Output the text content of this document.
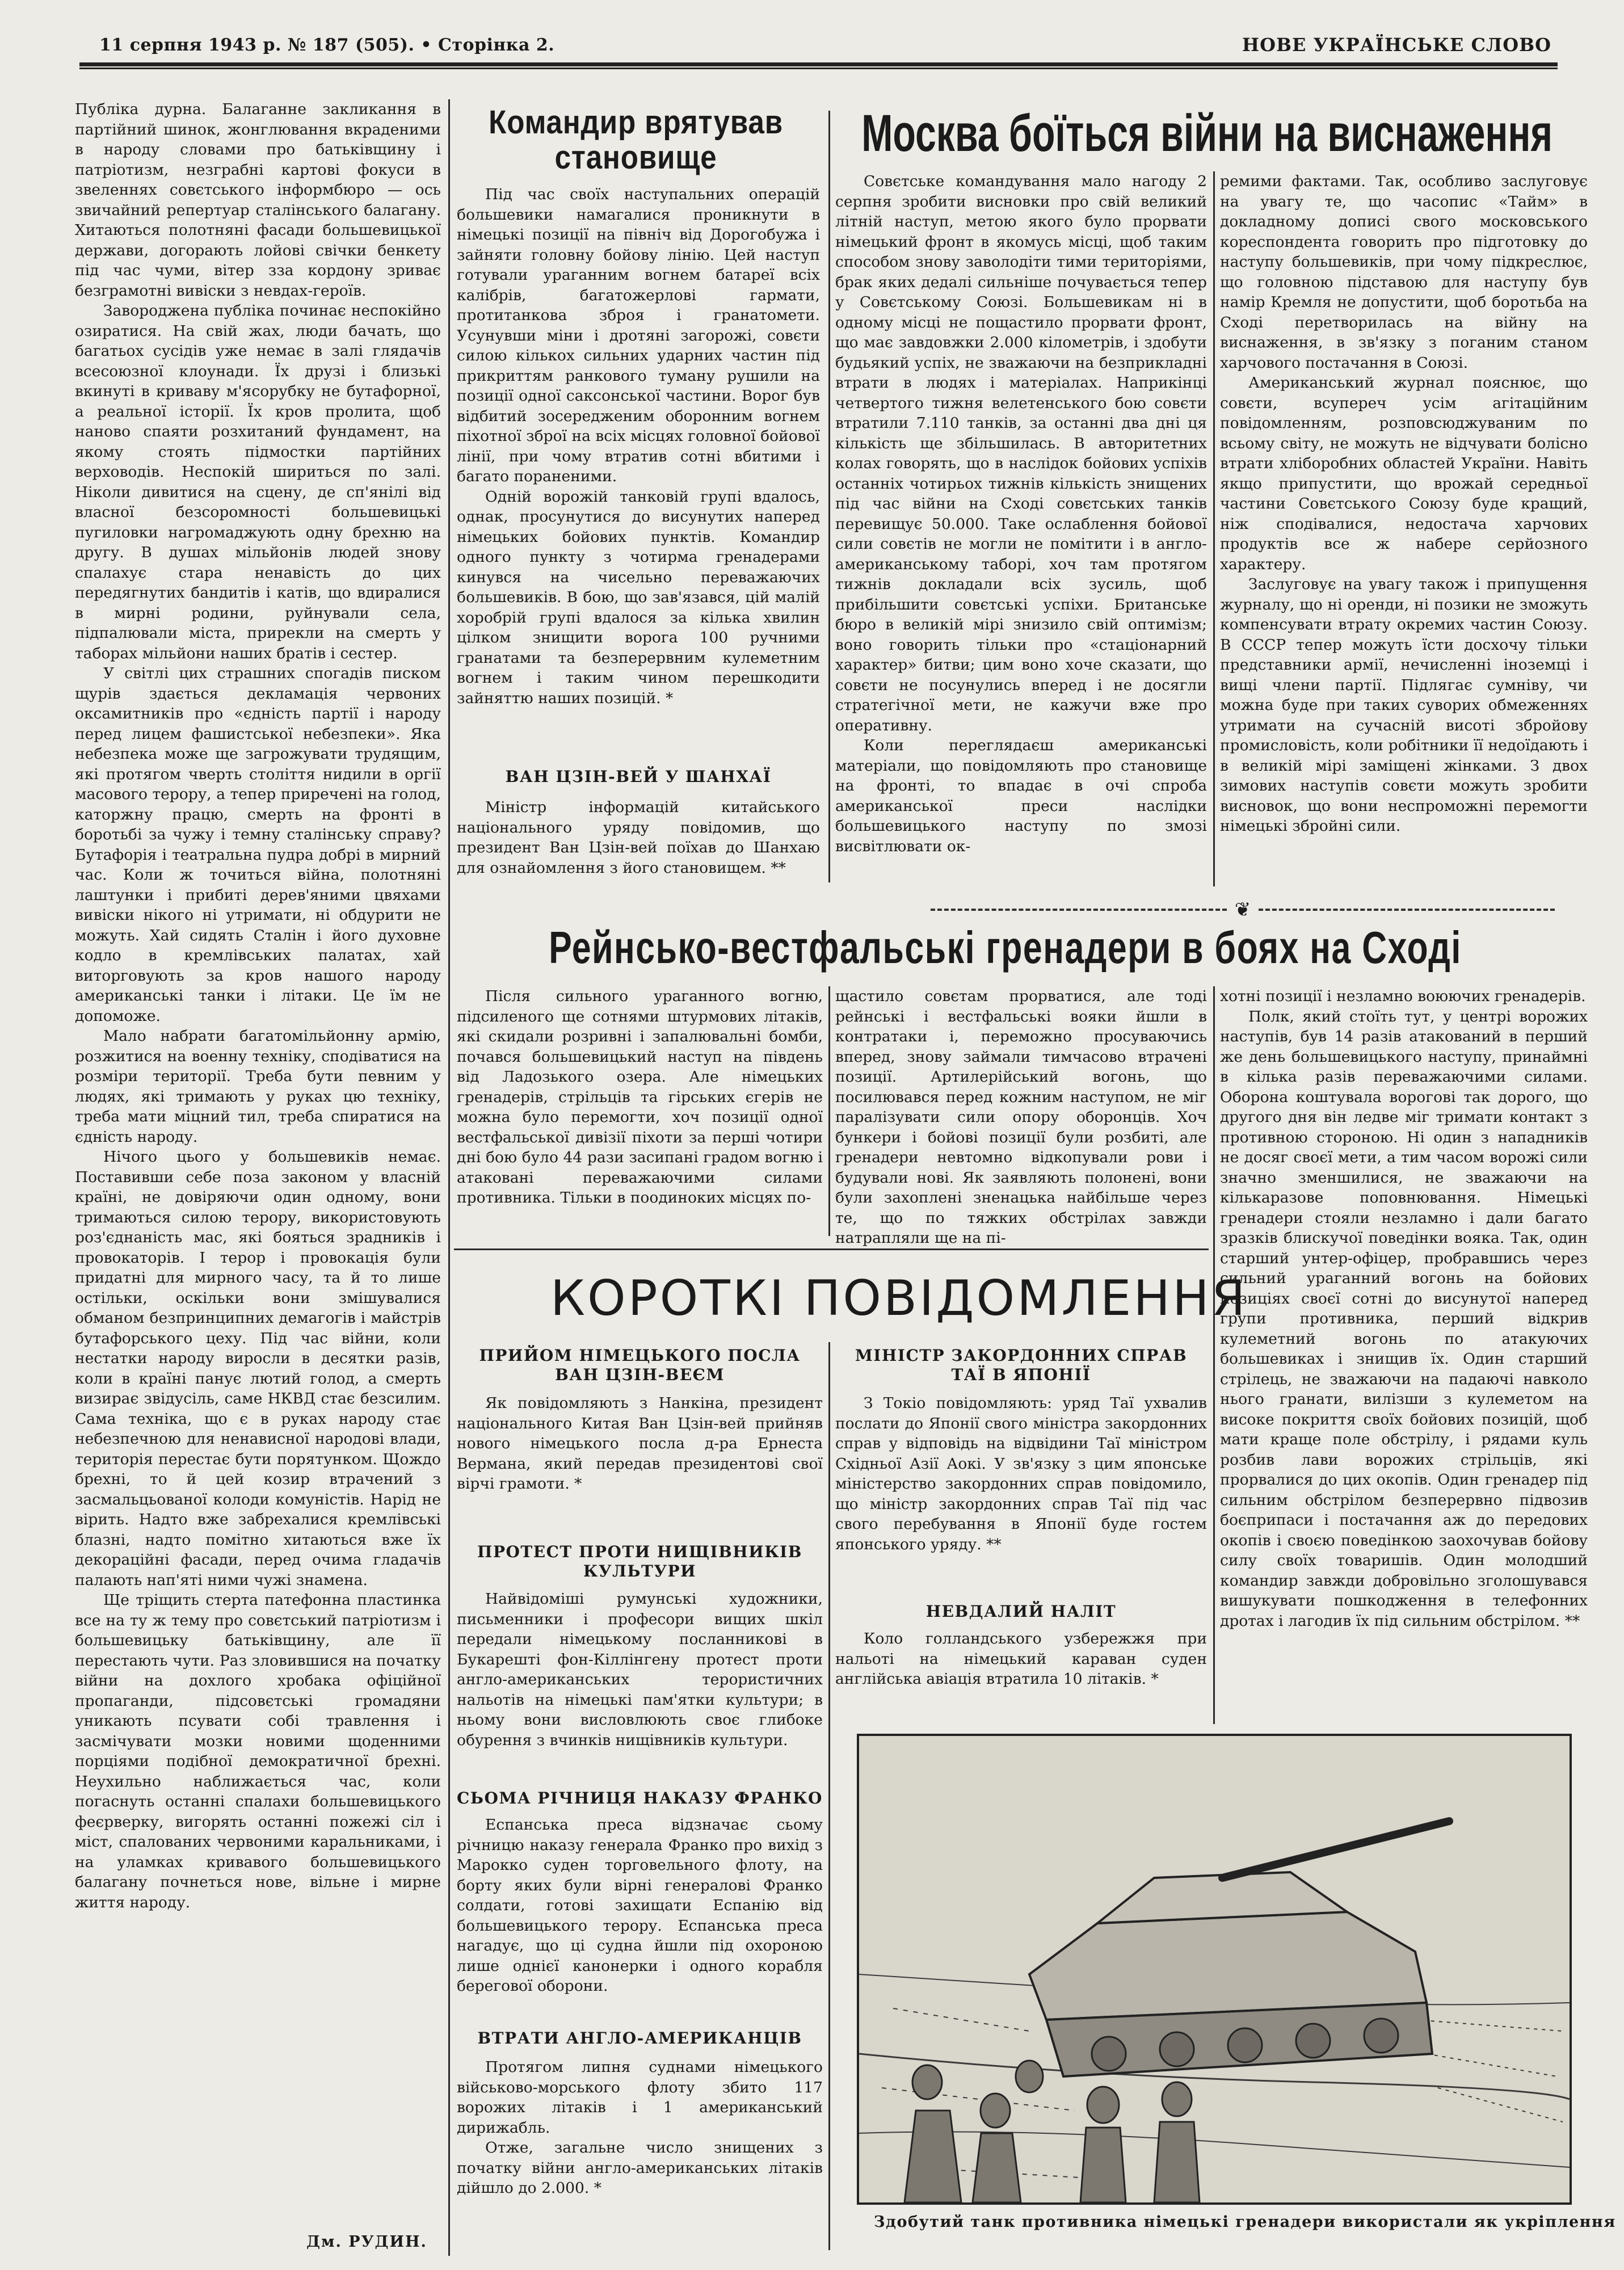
11 серпня 1943 р. № 187 (505). • Сторінка 2.	НОВЕ УКРАЇНСЬКЕ СЛОВО

Публіка дурна. Балаганне закликання в партійний шинок, жонглювання вкраденими в народу словами про батьківщину і патріотизм, незграбні картові фокуси в звеленнях совєтського інформбюро — ось звичайний репертуар сталінського балагану. Хитаються полотняні фасади большевицької держави, догорають лойові свічки бенкету під час чуми, вітер зза кордону зриває безграмотні вивіски з невдах-героїв.

Завороджена публіка починає неспокійно озиратися. На свій жах, люди бачать, що багатьох сусідів уже немає в залі глядачів всесоюзної клоунади. Їх друзі і близькі вкинуті в криваву м'ясорубку не бутафорної, а реальної історії. Їх кров пролита, щоб наново спаяти розхитаний фундамент, на якому стоять підмостки партійних верховодів. Неспокій шириться по залі. Ніколи дивитися на сцену, де сп'янілі від власної безсоромності большевицькі пугиловки нагромаджують одну брехню на другу. В душах мільйонів людей знову спалахує стара ненавість до цих передягнутих бандитів і катів, що вдиралися в мирні родини, руйнували села, підпалювали міста, прирекли на смерть у таборах мільйони наших братів і сестер.

У світлі цих страшних спогадів писком щурів здається декламація червоних оксамитників про «єдність партії і народу перед лицем фашистської небезпеки». Яка небезпека може ще загрожувати трудящим, які протягом чверть століття нидили в оргії масового терору, а тепер приречені на голод, каторжну працю, смерть на фронті в боротьбі за чужу і темну сталінську справу? Бутафорія і театральна пудра добрі в мирний час. Коли ж точиться війна, полотняні лаштунки і прибиті дерев'яними цвяхами вивіски нікого ні утримати, ні обдурити не можуть. Хай сидять Сталін і його духовне кодло в кремлівських палатах, хай виторговують за кров нашого народу американські танки і літаки. Це їм не допоможе.

Мало набрати багатомільйонну армію, розжитися на военну техніку, сподіватися на розміри території. Треба бути певним у людях, які тримають у руках цю техніку, треба мати міцний тил, треба спиратися на єдність народу.

Нічого цього у большевиків немає. Поставивши себе поза законом у власній країні, не довіряючи один одному, вони тримаються силою терору, використовують роз'єднаність мас, які бояться зрадників і провокаторів. І терор і провокація були придатні для мирного часу, та й то лише остільки, оскільки вони змішувалися обманом безпринципних демагогів і майстрів бутафорського цеху. Під час війни, коли нестатки народу виросли в десятки разів, коли в країні панує лютий голод, а смерть визирає звідусіль, саме НКВД стає безсилим. Сама техніка, що є в руках народу стає небезпечною для ненависної народові влади, територія перестає бути порятунком. Щождо брехні, то й цей козир втрачений з засмальцьованої колоди комуністів. Нарід не вірить. Надто вже забрехалися кремлівські блазні, надто помітно хитаються вже їх декораційні фасади, перед очима гладачів палають нап'яті ними чужі знамена.

Ще тріщить стерта патефонна пластинка все на ту ж тему про совєтський патріотизм і большевицьку батьківщину, але її перестають чути. Раз зловившися на початку війни на дохлого хробака офіційної пропаганди, підсовєтські громадяни уникають псувати собі травлення і засмічувати мозки новими щоденними порціями подібної демократичної брехні. Неухильно наближається час, коли погаснуть останні спалахи большевицького феєрверку, вигорять останні пожежі сіл і міст, спалованих червоними каральниками, і на уламках кривавого большевицького балагану почнеться нове, вільне і мирне життя народу.

Дм. РУДИН.
Командир врятував становище

Під час своїх наступальних операцій большевики намагалися проникнути в німецькі позиції на північ від Дорогобужа і зайняти головну бойову лінію. Цей наступ готували ураганним вогнем батареї всіх калібрів, багатожерлові гармати, протитанкова зброя і гранатомети. Усунувши міни і дротяні загорожі, совєти силою кількох сильних ударних частин під прикриттям ранкового туману рушили на позиції одної саксонської частини. Ворог був відбитий зосередженим оборонним вогнем піхотної зброї на всіх місцях головної бойової лінії, при чому втратив сотні вбитими і багато пораненими.

Одній ворожій танковій групі вдалось, однак, просунутися до висунутих наперед німецьких бойових пунктів. Командир одного пункту з чотирма гренадерами кинувся на чисельно переважаючих большевиків. В бою, що зав'язався, цій малій хоробрій групі вдалося за кілька хвилин цілком знищити ворога 100 ручними гранатами та безперервним кулеметним вогнем і таким чином перешкодити зайняттю наших позицій. *

ВАН ЦЗІН-ВЕЙ У ШАНХАЇ

Міністр інформацій китайського національного уряду повідомив, що президент Ван Цзін-вей поїхав до Шанхаю для ознайомлення з його становищем. **

Москва боїться війни на виснаження

Совєтське командування мало нагоду 2 серпня зробити висновки про свій великий літній наступ, метою якого було прорвати німецький фронт в якомусь місці, щоб таким способом знову заволодіти тими територіями, брак яких дедалі сильніше почувається тепер у Совєтському Союзі. Большевикам ні в одному місці не пощастило прорвати фронт, що має завдовжки 2.000 кілометрів, і здобути будьякий успіх, не зважаючи на безприкладні втрати в людях і матеріалах. Наприкінці четвертого тижня велетенського бою совєти втратили 7.110 танків, за останні два дні ця кількість ще збільшилась. В авторитетних колах говорять, що в наслідок бойових успіхів останніх чотирьох тижнів кількість знищених під час війни на Сході совєтських танків перевищує 50.000. Таке ослаблення бойової сили совєтів не могли не помітити і в англо-американському таборі, хоч там протягом тижнів докладали всіх зусиль, щоб прибільшити совєтські успіхи. Британське бюро в великій мірі знизило свій оптимізм; воно говорить тільки про «стаціонарний характер» битви; цим воно хоче сказати, що совєти не посунулись вперед і не досягли стратегічної мети, не кажучи вже про оперативну.

Коли переглядаєш американські матеріали, що повідомляють про становище на фронті, то впадає в очі спроба американської преси наслідки большевицького наступу по змозі висвітлювати ок-

ремими фактами. Так, особливо заслуговує на увагу те, що часопис «Тайм» в докладному дописі свого московського кореспондента говорить про підготовку до наступу большевиків, при чому підкреслює, що головною підставою для наступу був намір Кремля не допустити, щоб боротьба на Сході перетворилась на війну на виснаження, в зв'язку з поганим станом харчового постачання в Союзі.

Американський журнал пояснює, що совєти, всупереч усім агітаційним повідомленням, розповсюджуваним по всьому світу, не можуть не відчувати болісно втрати хліборобних областей України. Навіть якщо припустити, що врожай середньої частини Совєтського Союзу буде кращий, ніж сподівалися, недостача харчових продуктів все ж набере серйозного характеру.

Заслуговує на увагу також і припущення журналу, що ні оренди, ні позики не зможуть компенсувати втрату окремих частин Союзу. В СССР тепер можуть їсти досхочу тільки представники армії, нечисленні іноземці і вищі члени партії. Підлягає сумніву, чи можна буде при таких суворих обмеженнях утримати на сучасній висоті збройову промисловість, коли робітники її недоїдають і в великій мірі заміщені жінками. З двох зимових наступів совєти можуть зробити висновок, що вони неспроможні перемогти німецькі збройні сили.

❦
Рейнсько-вестфальські гренадери в боях на Сході

Після сильного ураганного вогню, підсиленого ще сотнями штурмових літаків, які скидали розривні і запалювальні бомби, почався большевицький наступ на південь від Ладозького озера. Але німецьких гренадерів, стрільців та гірських єгерів не можна було перемогти, хоч позиції одної вестфальської дивізії піхоти за перші чотири дні бою було 44 рази засипані градом вогню і атаковані переважаючими силами противника. Тільки в поодиноких місцях по-

щастило совєтам прорватися, але тоді рейнські і вестфальські вояки йшли в контратаки і, переможно просуваючись вперед, знову займали тимчасово втрачені позиції. Артилерійський вогонь, що посилювався перед кожним наступом, не міг паралізувати сили опору оборонців. Хоч бункери і бойові позиції були розбиті, але гренадери невтомно відкопували рови і будували нові. Як заявляють полонені, вони були захоплені зненацька найбільше через те, що по тяжких обстрілах завжди натрапляли ще на пі-

хотні позиції і незламно воюючих гренадерів.

Полк, який стоїть тут, у центрі ворожих наступів, був 14 разів атакований в перший же день большевицького наступу, принаймні в кілька разів переважаючими силами. Оборона коштувала ворогові так дорого, що другого дня він ледве міг тримати контакт з противною стороною. Ні один з нападників не досяг своєї мети, а тим часом ворожі сили значно зменшилися, не зважаючи на кількаразове поповнювання. Німецькі гренадери стояли незламно і дали багато зразків блискучої поведінки вояка. Так, один старший унтер-офіцер, пробравшись через сильний ураганний вогонь на бойових позиціях своєї сотні до висунутої наперед групи противника, перший відкрив кулеметний вогонь по атакуючих большевиках і знищив їх. Один старший стрілець, не зважаючи на падаючі навколо нього гранати, вилізши з кулеметом на високе покриття своїх бойових позицій, щоб мати краще поле обстрілу, і рядами куль розбив лави ворожих стрільців, які прорвалися до цих окопів. Один гренадер під сильним обстрілом безперервно підвозив боєприпаси і постачання аж до передових окопів і своєю поведінкою заохочував бойову силу своїх товаришів. Один молодший командир завжди добровільно зголошувався вишукувати пошкодження в телефонних дротах і лагодив їх під сильним обстрілом. **

КОРОТКІ ПОВІДОМЛЕННЯ
ПРИЙОМ НІМЕЦЬКОГО ПОСЛА ВАН ЦЗІН-ВЕЄМ

Як повідомляють з Нанкіна, президент національного Китая Ван Цзін-вей прийняв нового німецького посла д-ра Ернеста Вермана, який передав президентові свої вірчі грамоти. *

ПРОТЕСТ ПРОТИ НИЩІВНИКІВ КУЛЬТУРИ

Найвідоміші румунські художники, письменники і професори вищих шкіл передали німецькому посланникові в Букарешті фон-Кіллінгену протест проти англо-американських терористичних нальотів на німецькі пам'ятки культури; в ньому вони висловлюють своє глибоке обурення з вчинків нищівників культури.

СЬОМА РІЧНИЦЯ НАКАЗУ ФРАНКО

Еспанська преса відзначає сьому річницю наказу генерала Франко про вихід з Марокко суден торговельного флоту, на борту яких були вірні генералові Франко солдати, готові захищати Еспанію від большевицького терору. Еспанська преса нагадує, що ці судна йшли під охороною лише однієї канонерки і одного корабля берегової оборони.

ВТРАТИ АНГЛО-АМЕРИКАНЦІВ

Протягом липня суднами німецького військово-морського флоту збито 117 ворожих літаків і 1 американський дирижабль.

Отже, загальне число знищених з початку війни англо-американських літаків дійшло до 2.000. *

МІНІСТР ЗАКОРДОННИХ СПРАВ ТАЇ В ЯПОНІЇ

З Токіо повідомляють: уряд Таї ухвалив послати до Японії свого міністра закордонних справ у відповідь на відвідини Таї міністром Східньої Азії Аокі. У зв'язку з цим японське міністерство закордонних справ повідомило, що міністр закордонних справ Таї під час свого перебування в Японії буде гостем японського уряду. **

НЕВДАЛИЙ НАЛІТ

Коло голландського узбережжя при нальоті на німецький караван суден англійська авіація втратила 10 літаків. *

Здобутий танк противника німецькі гренадери використали як укріплення
